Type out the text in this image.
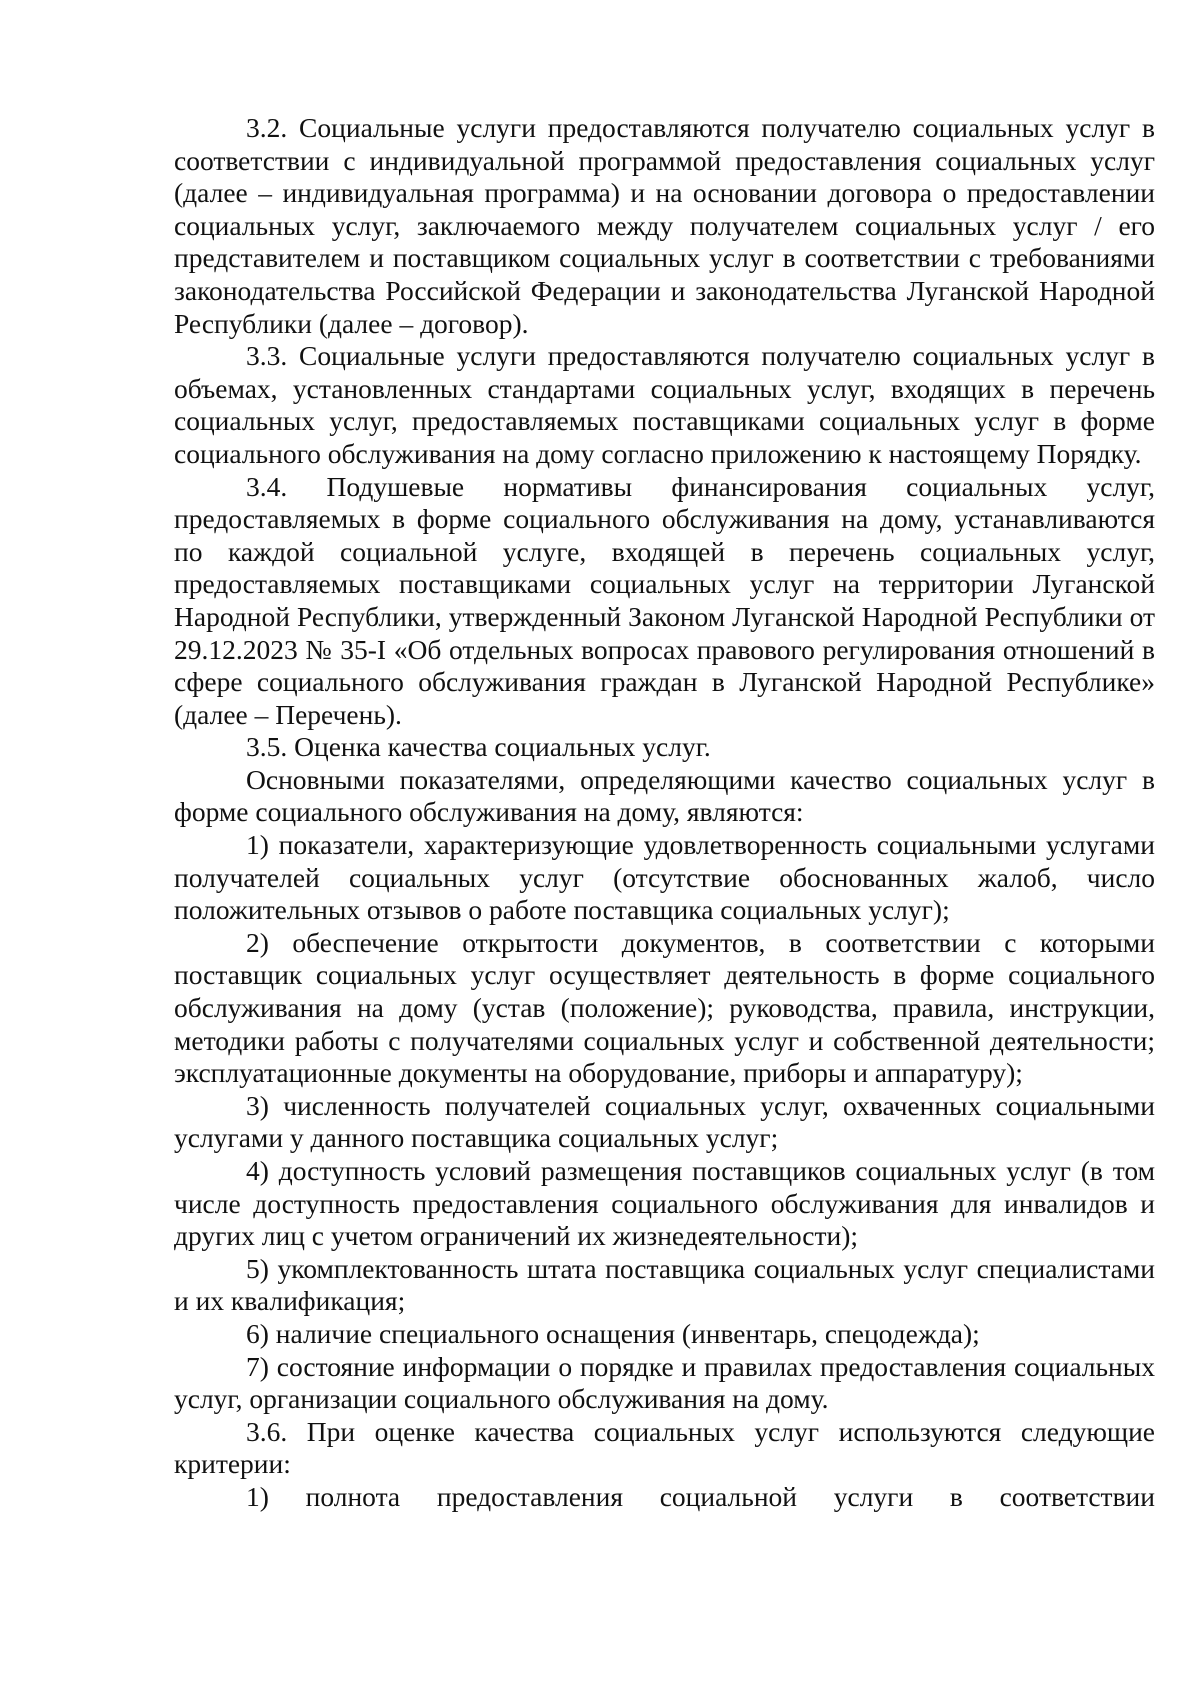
3.2. Социальные услуги предоставляются получателю социальных услуг в соответствии с индивидуальной программой предоставления социальных услуг (далее – индивидуальная программа) и на основании договора о предоставлении социальных услуг, заключаемого между получателем социальных услуг / его представителем и поставщиком социальных услуг в соответствии с требованиями законодательства Российской Федерации и законодательства Луганской Народной Республики (далее – договор).

3.3. Социальные услуги предоставляются получателю социальных услуг в объемах, установленных стандартами социальных услуг, входящих в перечень социальных услуг, предоставляемых поставщиками социальных услуг в форме социального обслуживания на дому согласно приложению к настоящему Порядку.

3.4. Подушевые нормативы финансирования социальных услуг, предоставляемых в форме социального обслуживания на дому, устанавливаются по каждой социальной услуге, входящей в перечень социальных услуг, предоставляемых поставщиками социальных услуг на территории Луганской Народной Республики, утвержденный Законом Луганской Народной Республики от 29.12.2023 № 35-I «Об отдельных вопросах правового регулирования отношений в сфере социального обслуживания граждан в Луганской Народной Республике» (далее – Перечень).

3.5. Оценка качества социальных услуг.

Основными показателями, определяющими качество социальных услуг в форме социального обслуживания на дому, являются:

1) показатели, характеризующие удовлетворенность социальными услугами получателей социальных услуг (отсутствие обоснованных жалоб, число положительных отзывов о работе поставщика социальных услуг);

2) обеспечение открытости документов, в соответствии с которыми поставщик социальных услуг осуществляет деятельность в форме социального обслуживания на дому (устав (положение); руководства, правила, инструкции, методики работы с получателями социальных услуг и собственной деятельности; эксплуатационные документы на оборудование, приборы и аппаратуру);

3) численность получателей социальных услуг, охваченных социальными услугами у данного поставщика социальных услуг;

4) доступность условий размещения поставщиков социальных услуг (в том числе доступность предоставления социального обслуживания для инвалидов и других лиц с учетом ограничений их жизнедеятельности);

5) укомплектованность штата поставщика социальных услуг специалистами и их квалификация;

6) наличие специального оснащения (инвентарь, спецодежда);

7) состояние информации о порядке и правилах предоставления социальных услуг, организации социального обслуживания на дому.

3.6. При оценке качества социальных услуг используются следующие критерии:

1) полнота предоставления социальной услуги в соответствии
